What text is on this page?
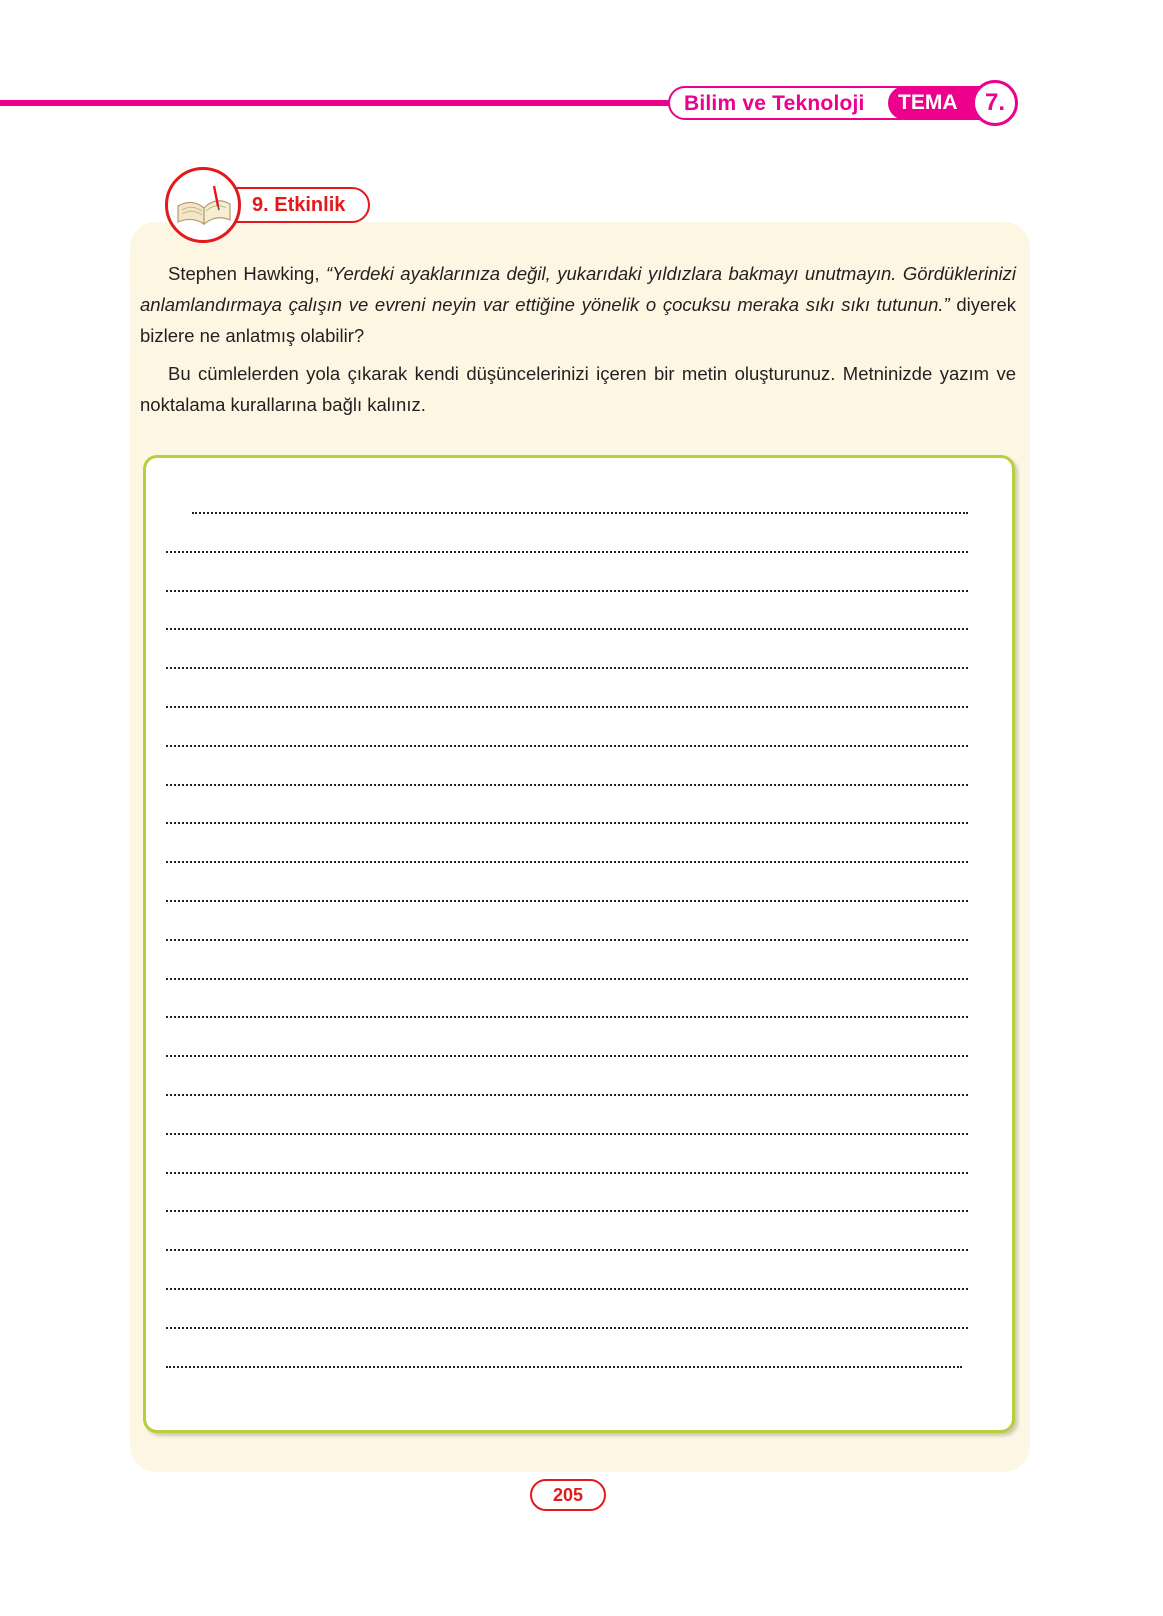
Bilim ve Teknoloji TEMA	7.
9. Etkinlik
Stephen Hawking, “Yerdeki ayaklarınıza değil, yukarıdaki yıldızlara bakmayı unutmayın. Gördüklerinizi anlamlandırmaya çalışın ve evreni neyin var ettiğine yönelik o çocuksu meraka sıkı sıkı tutunun.” diyerek bizlere ne anlatmış olabilir?
Bu cümlelerden yola çıkarak kendi düşüncelerinizi içeren bir metin oluşturunuz. Metninizde yazım ve noktalama kurallarına bağlı kalınız.
205
